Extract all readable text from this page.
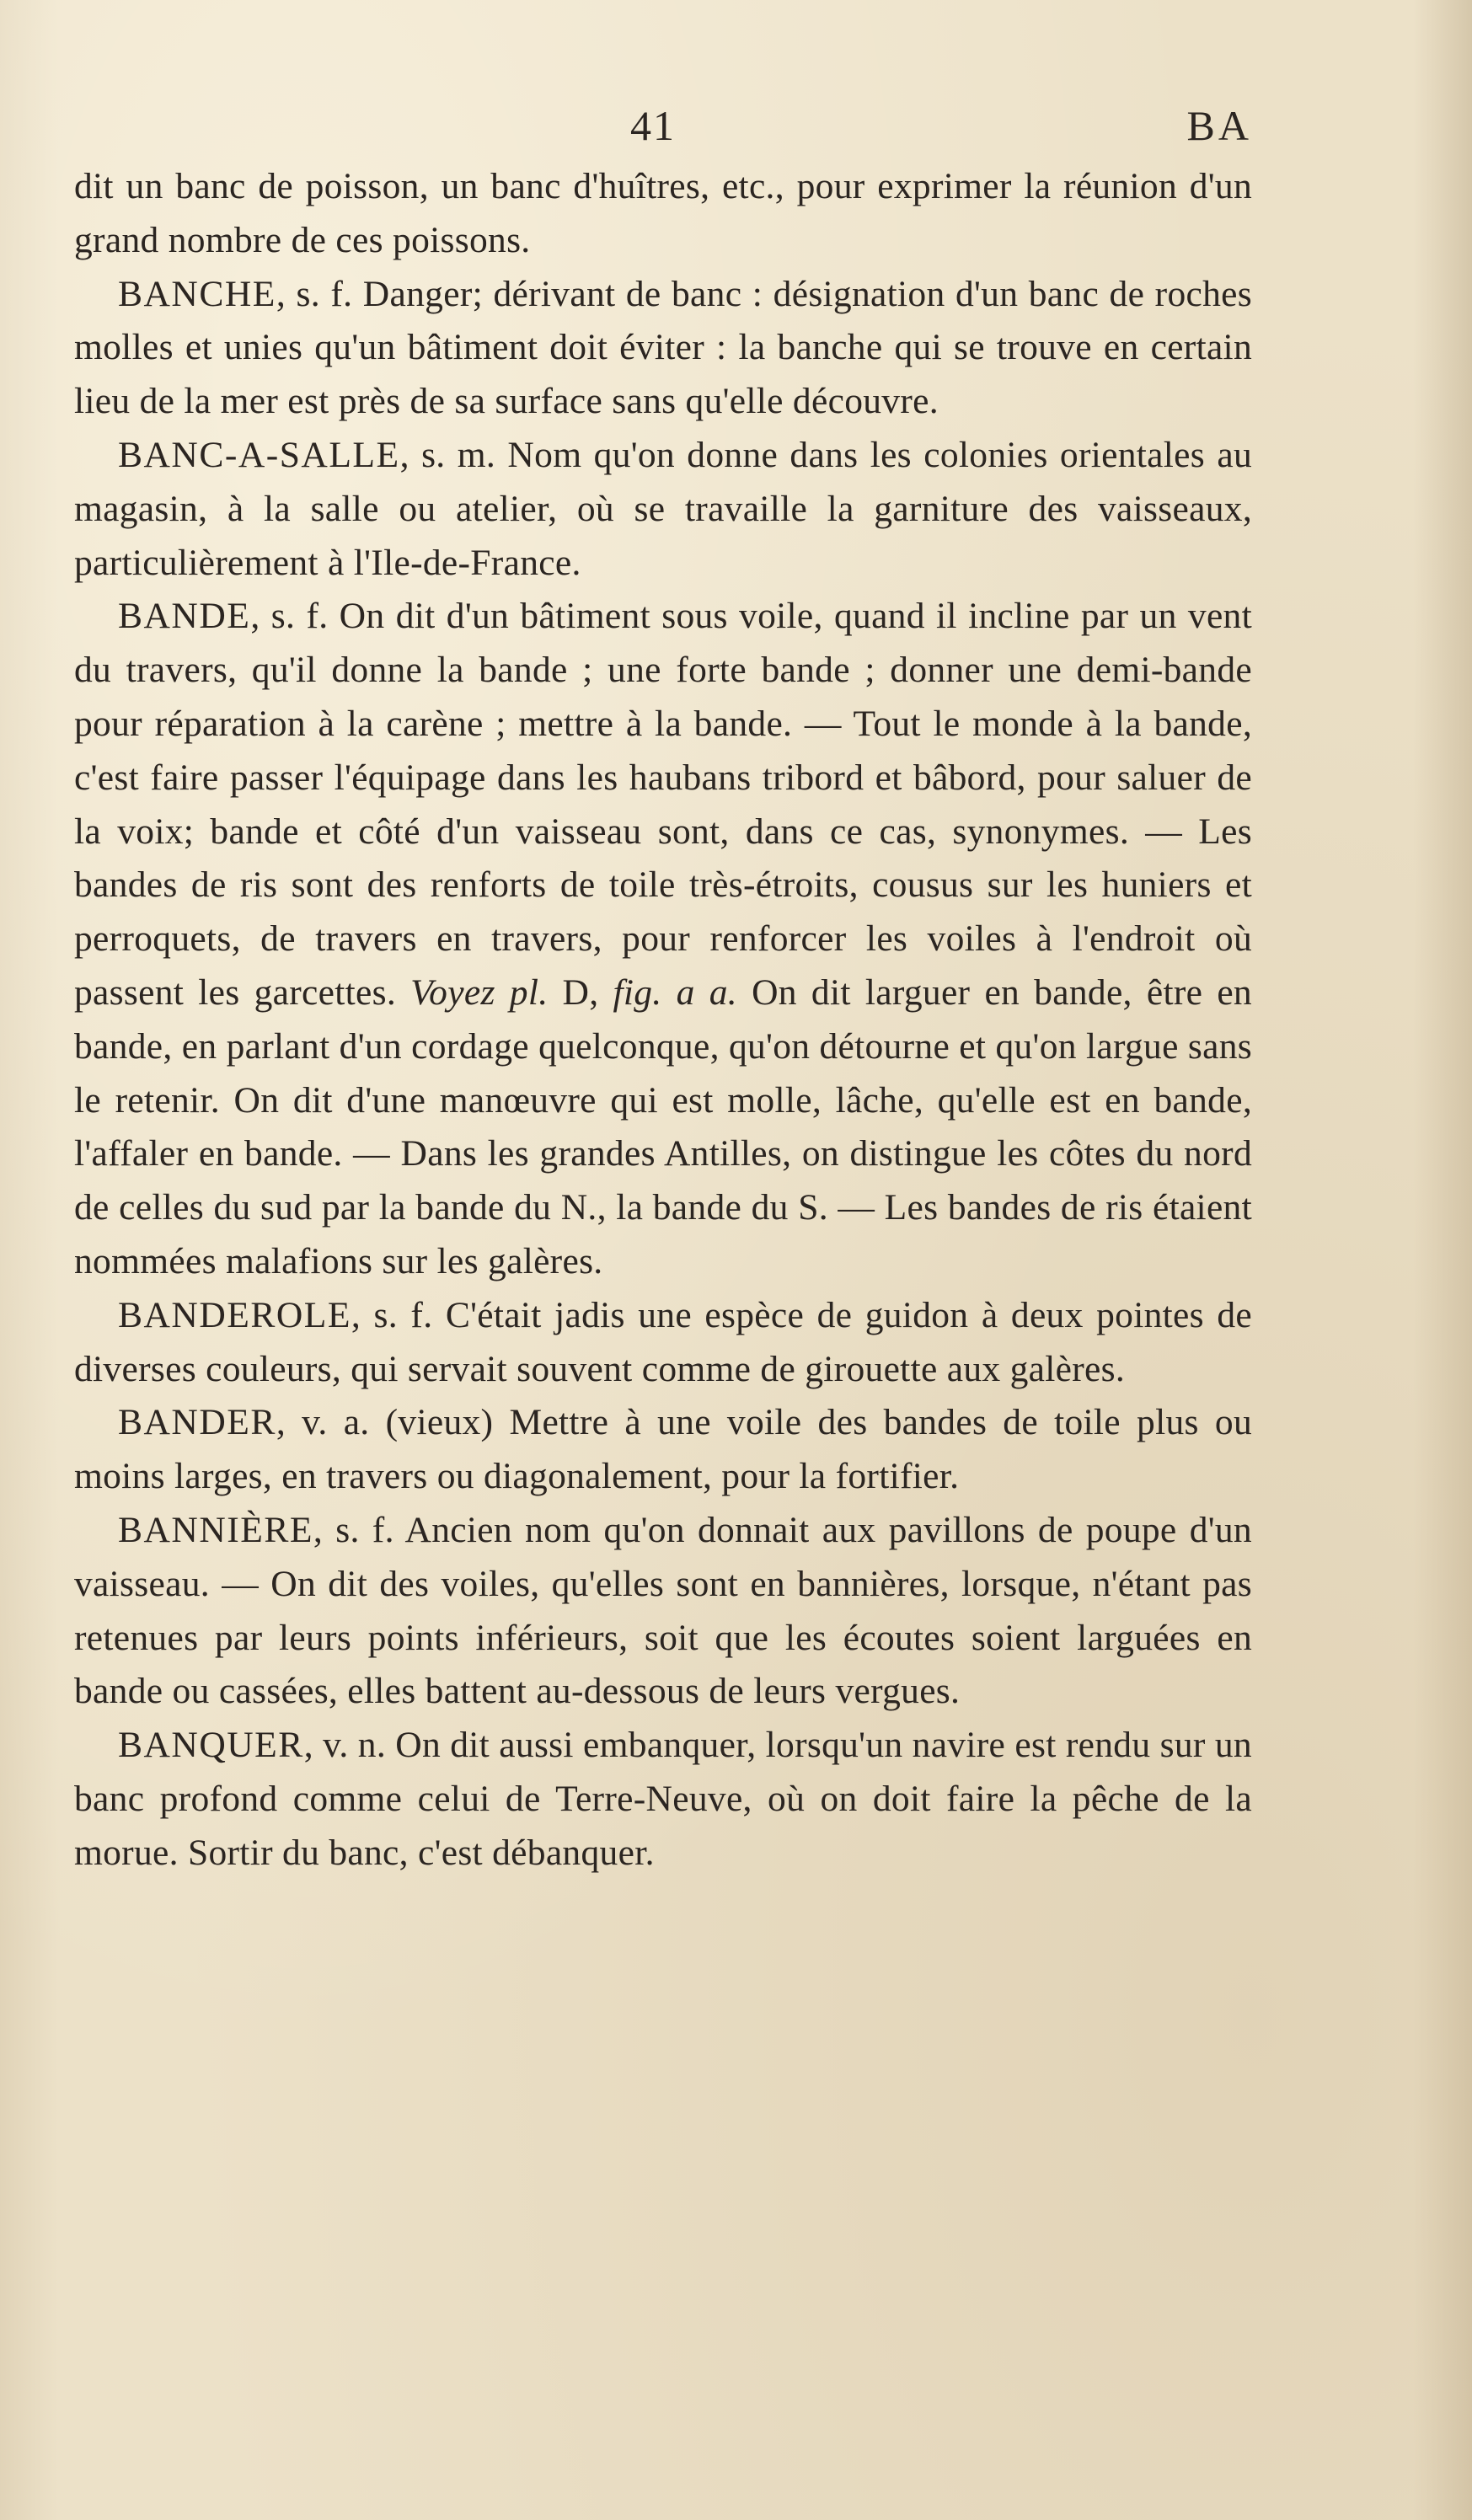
41	BA

dit un banc de poisson, un banc d'huîtres, etc., pour exprimer la réunion d'un grand nombre de ces poissons.

BANCHE, s. f. Danger; dérivant de banc : désignation d'un banc de roches molles et unies qu'un bâtiment doit éviter : la banche qui se trouve en certain lieu de la mer est près de sa surface sans qu'elle découvre.

BANC-A-SALLE, s. m. Nom qu'on donne dans les colonies orientales au magasin, à la salle ou atelier, où se travaille la garniture des vaisseaux, particulièrement à l'Ile-de-France.

BANDE, s. f. On dit d'un bâtiment sous voile, quand il incline par un vent du travers, qu'il donne la bande ; une forte bande ; donner une demi-bande pour réparation à la carène ; mettre à la bande. — Tout le monde à la bande, c'est faire passer l'équipage dans les haubans tribord et bâbord, pour saluer de la voix; bande et côté d'un vaisseau sont, dans ce cas, synonymes. — Les bandes de ris sont des renforts de toile très-étroits, cousus sur les huniers et perroquets, de travers en travers, pour renforcer les voiles à l'endroit où passent les garcettes. Voyez pl. D, fig. a a. On dit larguer en bande, être en bande, en parlant d'un cordage quelconque, qu'on détourne et qu'on largue sans le retenir. On dit d'une manœuvre qui est molle, lâche, qu'elle est en bande, l'affaler en bande. — Dans les grandes Antilles, on distingue les côtes du nord de celles du sud par la bande du N., la bande du S. — Les bandes de ris étaient nommées malafions sur les galères.

BANDEROLE, s. f. C'était jadis une espèce de guidon à deux pointes de diverses couleurs, qui servait souvent comme de girouette aux galères.

BANDER, v. a. (vieux) Mettre à une voile des bandes de toile plus ou moins larges, en travers ou diagonalement, pour la fortifier.

BANNIÈRE, s. f. Ancien nom qu'on donnait aux pavillons de poupe d'un vaisseau. — On dit des voiles, qu'elles sont en bannières, lorsque, n'étant pas retenues par leurs points inférieurs, soit que les écoutes soient larguées en bande ou cassées, elles battent au-dessous de leurs vergues.

BANQUER, v. n. On dit aussi embanquer, lorsqu'un navire est rendu sur un banc profond comme celui de Terre-Neuve, où on doit faire la pêche de la morue. Sortir du banc, c'est débanquer.
